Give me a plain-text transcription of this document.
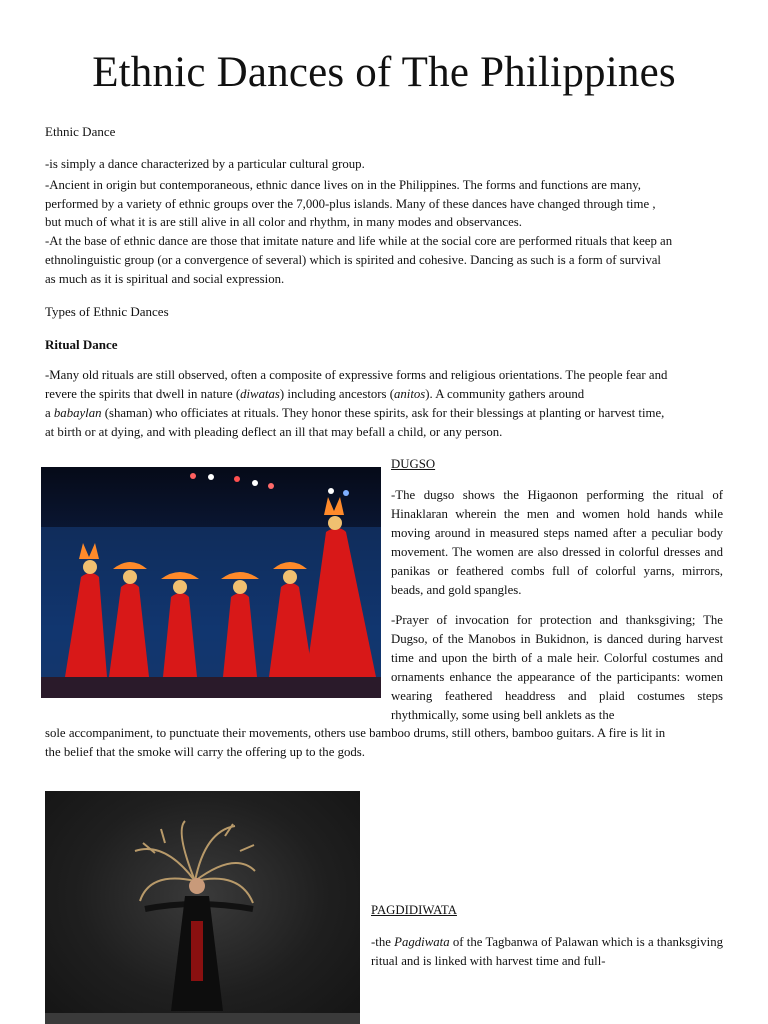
Ethnic Dances of The Philippines

Ethnic Dance

-is simply a dance characterized by a particular cultural group.

-Ancient in origin but contemporaneous, ethnic dance lives on in the Philippines. The forms and functions are many,

performed by a variety of ethnic groups over the 7,000-plus islands. Many of these dances have changed through time ,

but much of what it is are still alive in all color and rhythm, in many modes and observances.

-At the base of ethnic dance are those that imitate nature and life while at the social core are performed rituals that keep an

ethnolinguistic group (or a convergence of several) which is spirited and cohesive. Dancing as such is a form of survival

as much as it is spiritual and social expression.

Types of Ethnic Dances

Ritual Dance

-Many old rituals are still observed, often a composite of expressive forms and religious orientations. The people fear and

revere the spirits that dwell in nature (diwatas) including ancestors (anitos). A community gathers around

a babaylan (shaman) who officiates at rituals. They honor these spirits, ask for their blessings at planting or harvest time,

at birth or at dying, and with pleading deflect an ill that may befall a child, or any person.

DUGSO

-The dugso shows the Higaonon performing the ritual of Hinaklaran wherein the men and women hold hands while moving around in measured steps named after a peculiar body movement. The women are also dressed in colorful dresses and panikas or feathered combs full of colorful yarns, mirrors, beads, and gold spangles.

-Prayer of invocation for protection and thanksgiving; The Dugso, of the Manobos in Bukidnon, is danced during harvest time and upon the birth of a male heir. Colorful costumes and ornaments enhance the appearance of the participants: women wearing feathered headdress and plaid costumes steps rhythmically, some using bell anklets as the

sole accompaniment, to punctuate their movements, others use bamboo drums, still others, bamboo guitars. A fire is lit in

the belief that the smoke will carry the offering up to the gods.

PAGDIDIWATA

-the Pagdiwata of the Tagbanwa of Palawan which is a thanksgiving ritual and is linked with harvest time and full-
